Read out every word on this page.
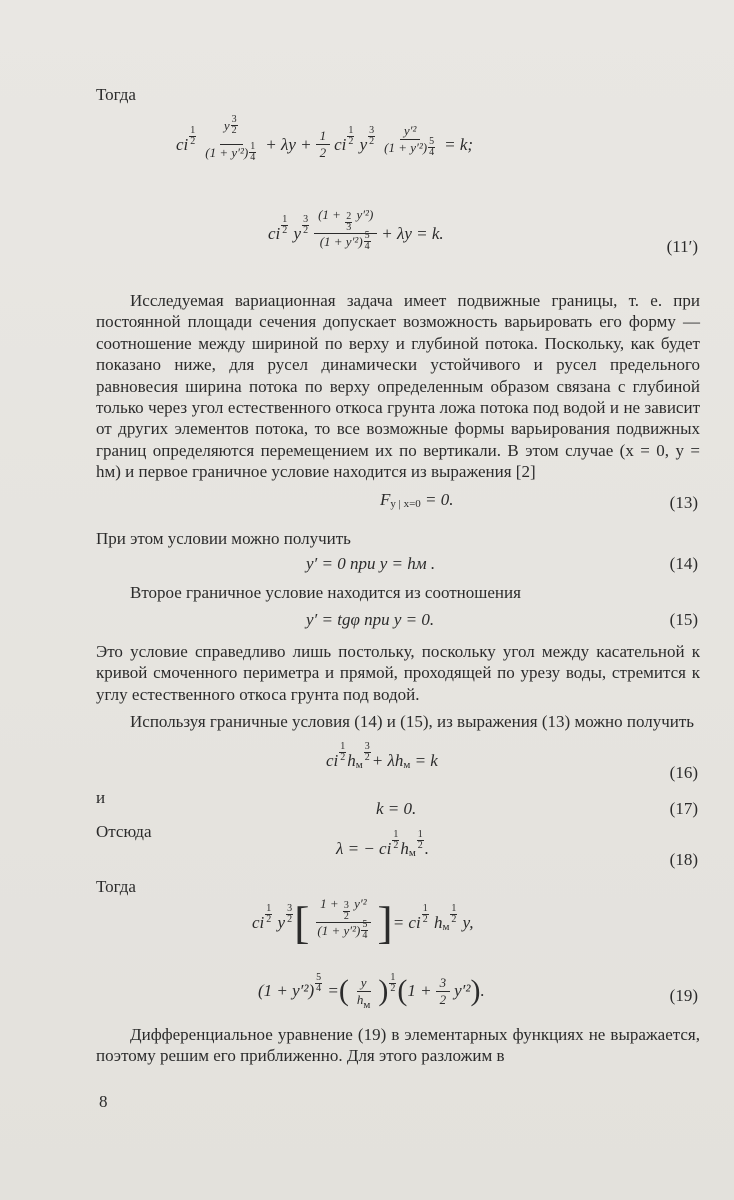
Тогда
ci
1
$2 \frac{y \frac{3}{2}}{(1 + y'^2) \frac{1}{4}} + \lambda y + \frac{1}{2}$ ci
1
2 y
3
$2 \frac{\text{y′²}}{(1 + y'^2) \frac{5}{4}} = k$;
ci
1
2 y
3
$2 \frac{(1 + \frac{2}{3} y'^2)}{(1 + y'^2) \frac{5}{4}} + \lambda y = k$.
(11′)

Исследуемая вариационная задача имеет подвижные границы, т. е. при постоянной площади сечения допускает возможность варьировать его форму — соотношение между шириной по верху и глубиной потока. Поскольку, как будет показано ниже, для русел динамически устойчивого и русел предельного равновесия ширина потока по верху определенным образом связана с глубиной только через угол естественного откоса грунта ложа потока под водой и не зависит от других элементов потока, то все возможные формы варьирования подвижных границ определяются перемещением их по вертикали. В этом случае (x = 0, y = hм) и первое граничное условие находится из выражения [2]

F y | x=0 = 0.	(13)

При этом условии можно получить

y′ = 0 при y = hм .	(14)

Второе граничное условие находится из соотношения

y′ = tgφ при y = 0.	(15)

Это условие справедливо лишь постольку, поскольку угол между касательной к кривой смоченного периметра и прямой, проходящей по урезу воды, стремится к углу естественного откоса грунта под водой.

Используя граничные условия (14) и (15), из выражения (13) можно получить

ci
1
2 h м
3
2 + λh м = k
(16)
и
k = 0.	(17)
Отсюда
λ = − ci
1
2 h м
1
2 .
(18)
Тогда
ci
1
2 y
3
2 [ $\frac{1 + \frac{3}{2} y'^2}{(1 + y'^2) \frac{5}{4}}$ ] = ci
1
2 h м
1
2 y,
$(1 + y'^2) \frac{5}{4}$ = ( $\frac{y}{h_м}$ ) 1
2 ( $1 + \frac{3}{2} y'^2$ ) .	(19)

Дифференциальное уравнение (19) в элементарных функциях не выражается, поэтому решим его приближенно. Для этого разложим в

8
